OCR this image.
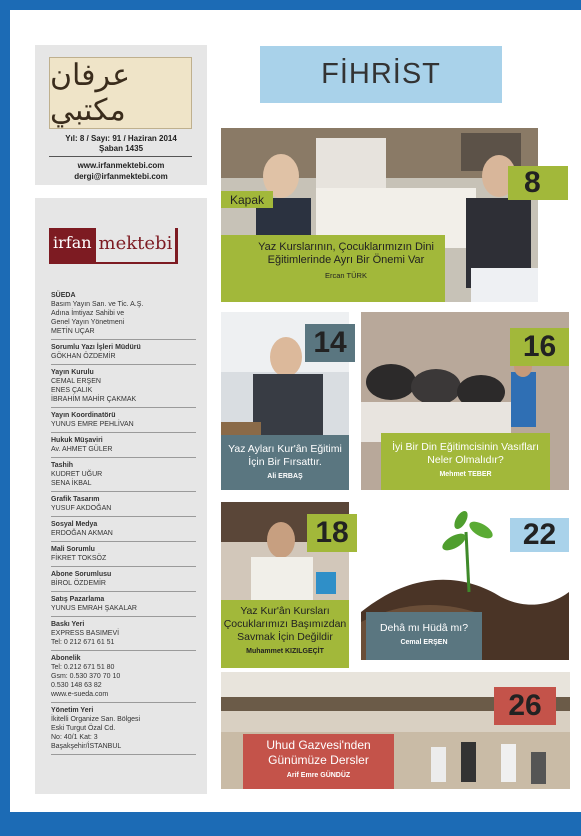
عرفان مكتبي
Yıl: 8 / Sayı: 91 / Haziran 2014
Şaban 1435
www.irfanmektebi.com
dergi@irfanmektebi.com
irfan mektebi
SÜEDA
Basım Yayın San. ve Tic. A.Ş.
Adına İmtiyaz Sahibi ve
Genel Yayın Yönetmeni
METİN UÇAR
Sorumlu Yazı İşleri Müdürü
GÖKHAN ÖZDEMİR
Yayın Kurulu
CEMAL ERŞEN
ENES ÇALIK
İBRAHİM MAHİR ÇAKMAK
Yayın Koordinatörü
YUNUS EMRE PEHLİVAN
Hukuk Müşaviri
Av. AHMET GÜLER
Tashih
KUDRET UĞUR
SENA İKBAL
Grafik Tasarım
YUSUF AKDOĞAN
Sosyal Medya
ERDOĞAN AKMAN
Mali Sorumlu
FİKRET TOKSÖZ
Abone Sorumlusu
BİROL ÖZDEMİR
Satış Pazarlama
YUNUS EMRAH ŞAKALAR
Baskı Yeri
EXPRESS BASIMEVİ
Tel: 0 212 671 61 51
Abonelik
Tel: 0.212 671 51 80
Gsm: 0.530 370 70 10
0.530 148 63 82
www.e-sueda.com
Yönetim Yeri
İkitelli Organize San. Bölgesi
Eski Turgut Özal Cd.
No: 40/1 Kat: 3
Başakşehir/İSTANBUL
FİHRİST
8
Kapak
Yaz Kurslarının, Çocuklarımızın Dini Eğitimlerinde Ayrı Bir Önemi Var
Ercan TÜRK
14
Yaz Ayları Kur'ân Eğitimi İçin Bir Fırsattır.
Ali ERBAŞ
16
İyi Bir Din Eğitimcisinin Vasıfları Neler Olmalıdır?
Mehmet TEBER
18
Yaz Kur'ân Kursları Çocuklarımızı Başımızdan Savmak İçin Değildir
Muhammet KIZILGEÇİT
22
Dehâ mı Hüdâ mı?
Cemal ERŞEN
26
Uhud Gazvesi'nden Günümüze Dersler
Arif Emre GÜNDÜZ
